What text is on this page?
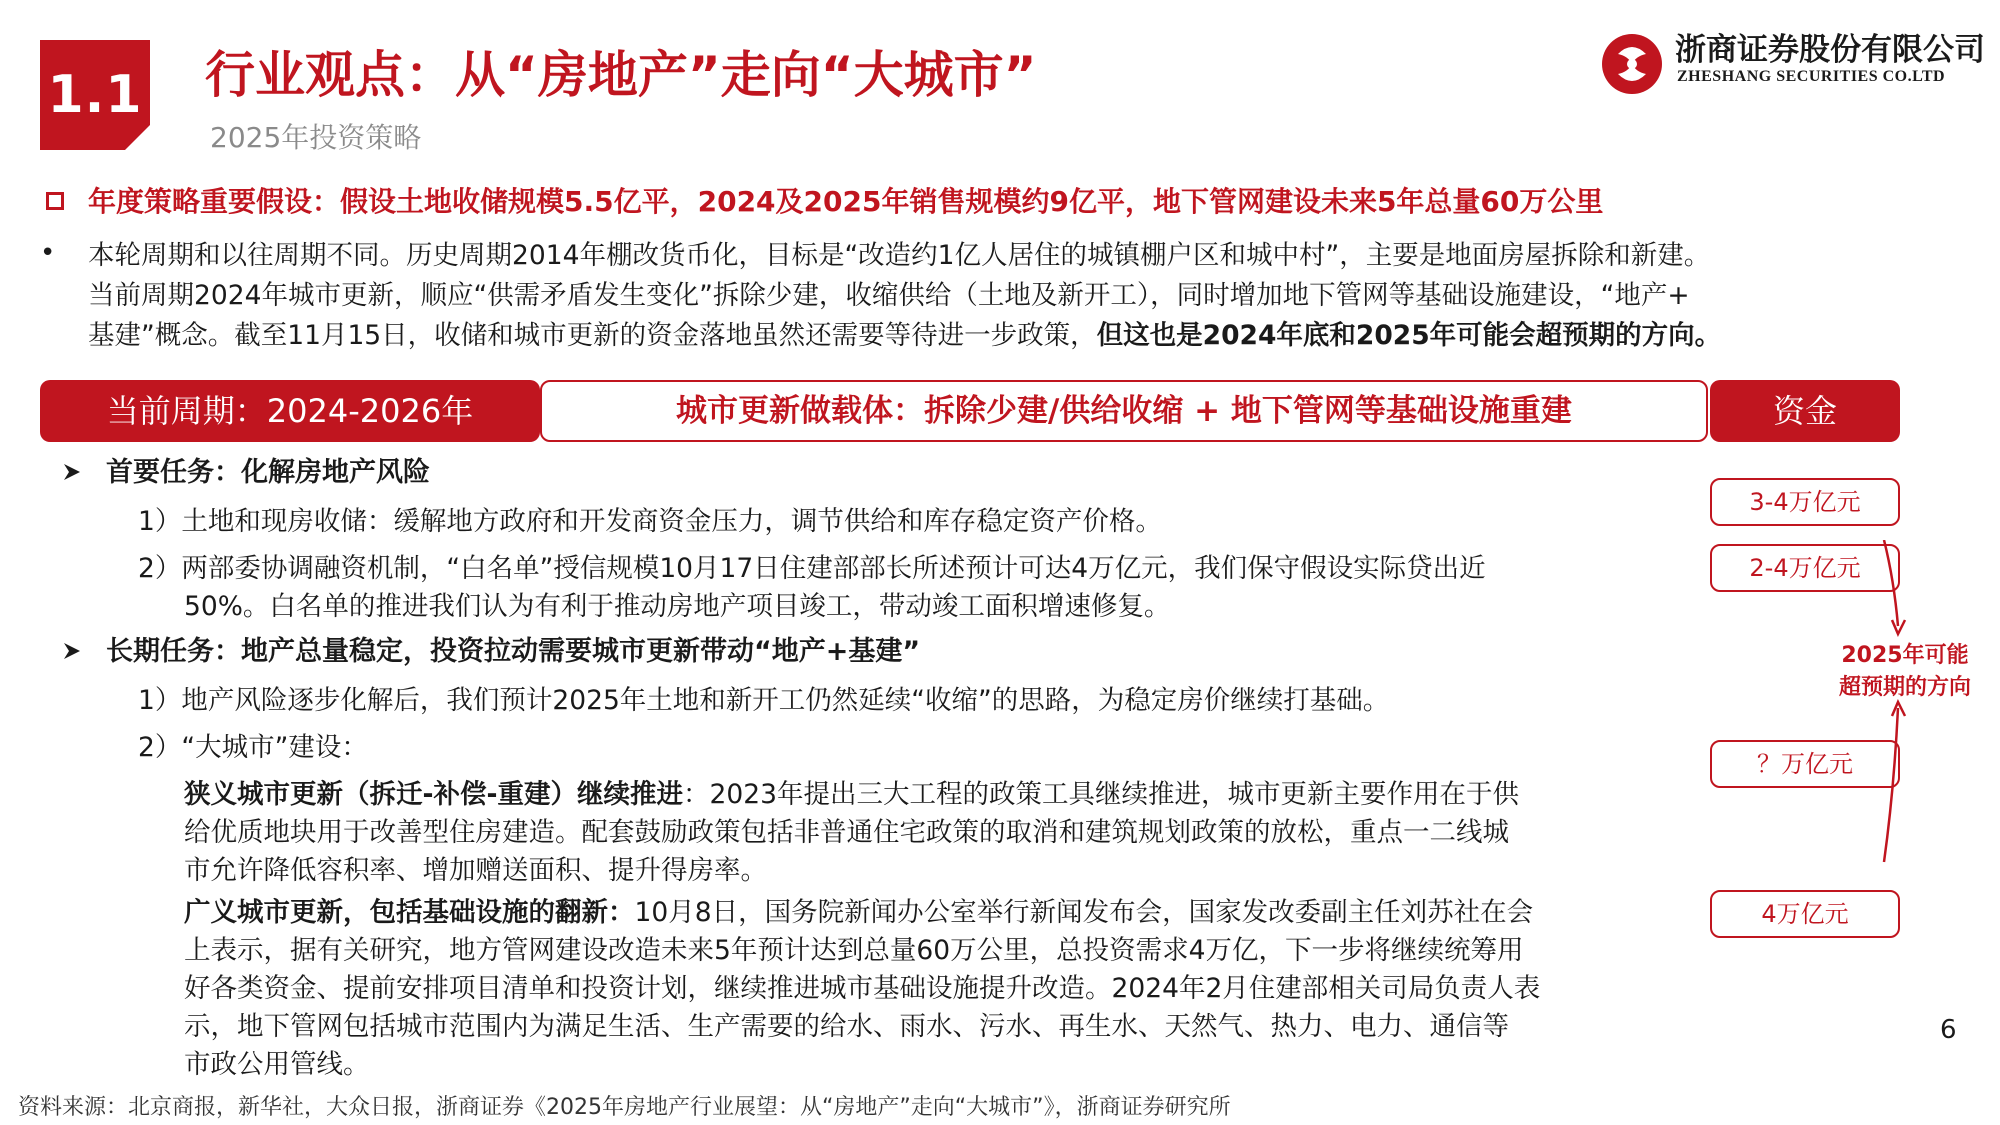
1.1 行业观点：从“房地产”走向“大城市”
2025年投资策略
浙商证券股份有限公司
ZHESHANG SECURITIES CO.LTD
年度策略重要假设：假设土地收储规模5.5亿平，2024及2025年销售规模约9亿平，地下管网建设未来5年总量60万公里
• 本轮周期和以往周期不同。历史周期2014年棚改货币化，目标是“改造约1亿人居住的城镇棚户区和城中村”，主要是地面房屋拆除和新建。
当前周期2024年城市更新，顺应“供需矛盾发生变化”拆除少建，收缩供给（土地及新开工），同时增加地下管网等基础设施建设，“地产+
基建”概念。截至11月15日，收储和城市更新的资金落地虽然还需要等待进一步政策，但这也是2024年底和2025年可能会超预期的方向。
当前周期：2024-2026年	城市更新做载体：拆除少建/供给收缩 + 地下管网等基础设施重建	资金
首要任务：化解房地产风险
1）土地和现房收储：缓解地方政府和开发商资金压力，调节供给和库存稳定资产价格。
2）两部委协调融资机制，“白名单”授信规模10月17日住建部部长所述预计可达4万亿元，我们保守假设实际贷出近
50%。白名单的推进我们认为有利于推动房地产项目竣工，带动竣工面积增速修复。
长期任务：地产总量稳定，投资拉动需要城市更新带动“地产+基建”
1）地产风险逐步化解后，我们预计2025年土地和新开工仍然延续“收缩”的思路，为稳定房价继续打基础。
2）“大城市”建设：
狭义城市更新（拆迁-补偿-重建）继续推进：2023年提出三大工程的政策工具继续推进，城市更新主要作用在于供
给优质地块用于改善型住房建造。配套鼓励政策包括非普通住宅政策的取消和建筑规划政策的放松，重点一二线城
市允许降低容积率、增加赠送面积、提升得房率。
广义城市更新，包括基础设施的翻新：10月8日，国务院新闻办公室举行新闻发布会，国家发改委副主任刘苏社在会
上表示，据有关研究，地方管网建设改造未来5年预计达到总量60万公里，总投资需求4万亿，下一步将继续统筹用
好各类资金、提前安排项目清单和投资计划，继续推进城市基础设施提升改造。2024年2月住建部相关司局负责人表
示，地下管网包括城市范围内为满足生活、生产需要的给水、雨水、污水、再生水、天然气、热力、电力、通信等
市政公用管线。
3-4万亿元
2-4万亿元
？万亿元
4万亿元
2025年可能
超预期的方向
6
资料来源：北京商报，新华社，大众日报，浙商证券《2025年房地产行业展望：从“房地产”走向“大城市”》，浙商证券研究所
